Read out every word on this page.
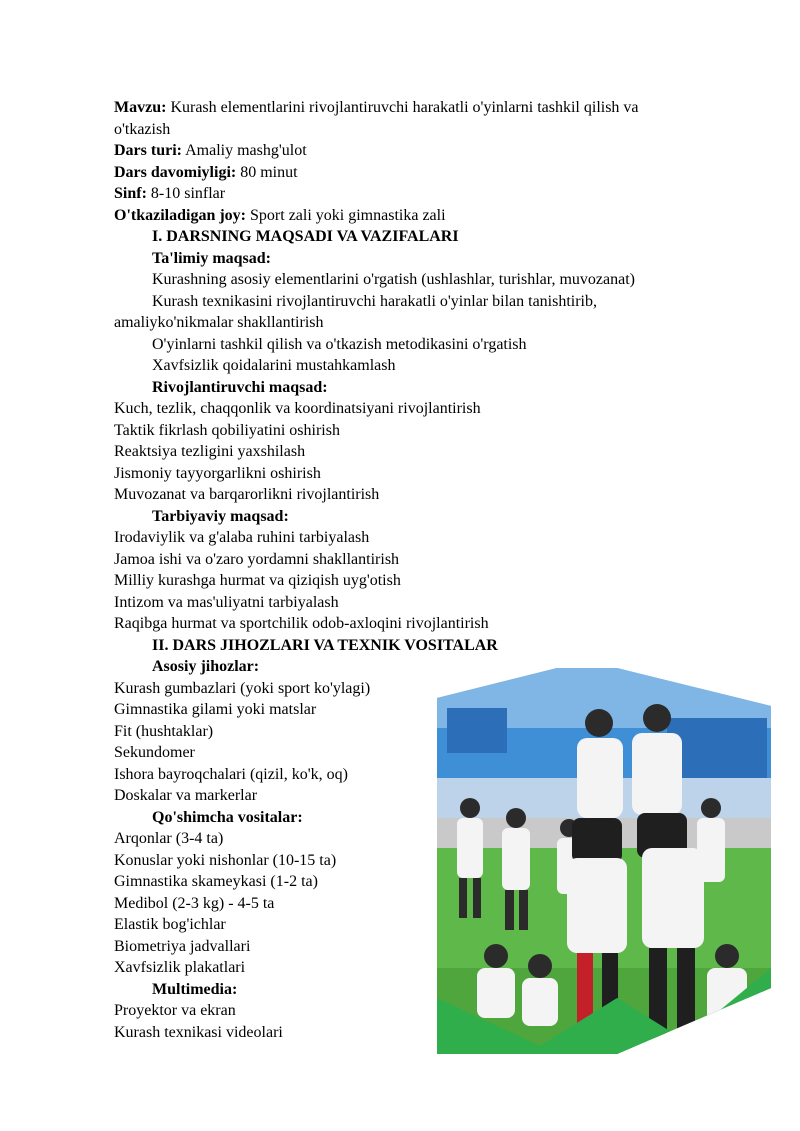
Mavzu: Kurash elementlarini rivojlantiruvchi harakatli o'yinlarni tashkil qilish va
o'tkazish
Dars turi: Amaliy mashg'ulot
Dars davomiyligi: 80 minut
Sinf: 8-10 sinflar
O'tkaziladigan joy: Sport zali yoki gimnastika zali
I. DARSNING MAQSADI VA VAZIFALARI
Ta'limiy maqsad:
Kurashning asosiy elementlarini o'rgatish (ushlashlar, turishlar, muvozanat)
Kurash texnikasini rivojlantiruvchi harakatli o'yinlar bilan tanishtirib,
amaliyko'nikmalar shakllantirish
O'yinlarni tashkil qilish va o'tkazish metodikasini o'rgatish
Xavfsizlik qoidalarini mustahkamlash
Rivojlantiruvchi maqsad:
Kuch, tezlik, chaqqonlik va koordinatsiyani rivojlantirish
Taktik fikrlash qobiliyatini oshirish
Reaktsiya tezligini yaxshilash
Jismoniy tayyorgarlikni oshirish
Muvozanat va barqarorlikni rivojlantirish
Tarbiyaviy maqsad:
Irodaviylik va g'alaba ruhini tarbiyalash
Jamoa ishi va o'zaro yordamni shakllantirish
Milliy kurashga hurmat va qiziqish uyg'otish
Intizom va mas'uliyatni tarbiyalash
Raqibga hurmat va sportchilik odob-axloqini rivojlantirish
II. DARS JIHOZLARI VA TEXNIK VOSITALAR
Asosiy jihozlar:
Kurash gumbazlari (yoki sport ko'ylagi)
Gimnastika gilami yoki matslar
Fit (hushtaklar)
Sekundomer
Ishora bayroqchalari (qizil, ko'k, oq)
Doskalar va markerlar
Qo'shimcha vositalar:
Arqonlar (3-4 ta)
Konuslar yoki nishonlar (10-15 ta)
Gimnastika skameykasi (1-2 ta)
Medibol (2-3 kg) - 4-5 ta
Elastik bog'ichlar
Biometriya jadvallari
Xavfsizlik plakatlari
Multimedia:
Proyektor va ekran
Kurash texnikasi videolari
